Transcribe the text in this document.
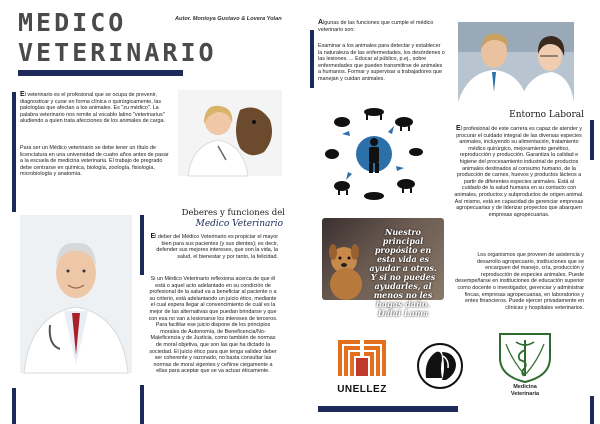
MEDICO
VETERINARIO
Autor. Montoya Gustavo & Lovera Yolan

El veterinario es el profesional que se ocupa de prevenir, diagnosticar y curar en forma clínica o quirúrgicamente, las patologías que afectan a los animales. Es "zu médico". La palabra veterinario nos remite al vocablo latino "veterinarius" aludiendo a quien trata afecciones de los animales de carga.

Para ser un Médico veterinario se debe tener un título de licenciatura en una universidad de cuatro años antes de pasar a la escuela de medicina veterinaria. El trabajo de pregrado debe centrarse en química, biología, zoología, fisiología, microbiología y anatomía.

Deberes y funciones del
Medico Veterinario

El deber del Médico Veterinario es propiciar el mayor bien para sus pacientes (y sus dientes); es decir, defender sus mejores intereses, que son la vida, la salud, el bienestar y por tanto, la felicidad.

Si un Médico Veterinario reflexiona acerca de que él está o aquel acto adelantado en su condición de profesional de la salud va a beneficiar al paciente o a su criterio, está adelantando un juicio ético, mediante el cual espera llegar al convencimiento de cuál es la mejor de las alternativas que puedan brindarse y que con esa no van a lesionarse los intereses de terceros. Para facilitar ese juicio dispone de los principios morales de Autonomía, de Beneficencia/No-Maleficencia y de Justicia, como también de normas de moral objetiva, que son las que ha dictado la sociedad. El juicio ético para que tenga validez deber ser coherente y razonado, no basta consultar las normas de moral vigentes y ceñirse ciegamente a ellas para aceptar que se va actuar éticamente.

Algunas de las funciones que cumple el médico veterinario son:

Examinar a los animales para detectar y establecer la naturaleza de las enfermedades, los desórdenes o las lesiones. ... Educar al público, p.ej., sobre enfermedades que pueden transmitirse de animales a humanos. Formar y supervisar a trabajadores que manejan y cuidan animales.

Nuestro principal propósito en esta vida es ayudar a otros. Y si no puedes ayudarles, al menos no les hagas daño. Dalai Lama
UNELLEZ
Entorno Laboral

El profesional de este carrera es capaz de atender y procurar el cuidado integral de las diversas especies animales, incluyendo su alimentación, tratamiento médico quirúrgico, mejoramiento genético, reproducción y producción. Garantiza la calidad e higiene del procesamiento industrial de productos animales destinados al consumo humano, de la producción de carnes, huevos y productos lácteos a partir de diferentes especies animales. Está al cuidado de la salud humana en su contacto con animales, productos y subproductos de origen animal. Así mismo, está en capacidad de gerenciar empresas agropecuarias y de liderizar proyectos que abarquen empresas agropecuarias.

Los organismos que proveen de asistencia y desarrollo agropecuario, instituciones que se encarguen del manejo, cría, producción y reproducción de especies animales. Puede desempeñarse en instituciones de educación superior como docente o investigador, gerenciar y administrar fincas, empresas agropecuarias, en laboratorios y entes financieros. Puede ejercer privadamente en clínicas y hospitales veterinarios.

Medicina
Veterinaria
